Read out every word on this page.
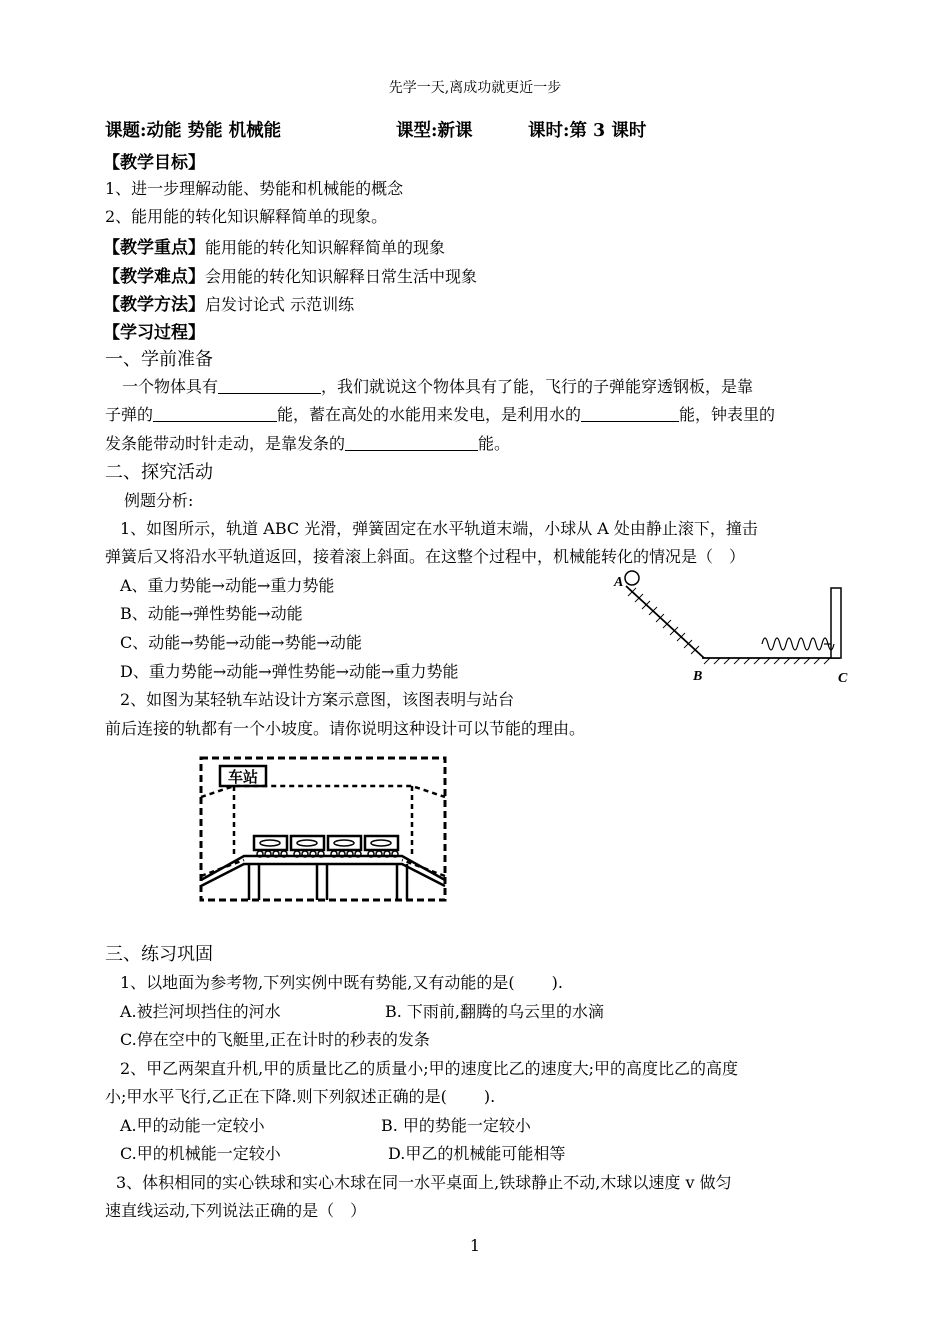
先学一天,离成功就更近一步
课题:动能 势能 机械能	课型:新课	课时:第 3 课时
【教学目标】
1、进一步理解动能、势能和机械能的概念
2、能用能的转化知识解释简单的现象。
【教学重点】能用能的转化知识解释简单的现象
【教学难点】会用能的转化知识解释日常生活中现象
【教学方法】启发讨论式 示范训练
【学习过程】
一、学前准备
一个物体具有	，我们就说这个物体具有了能，飞行的子弹能穿透钢板，是靠
子弹的	能，蓄在高处的水能用来发电，是利用水的	能，钟表里的
发条能带动时针走动，是靠发条的	能。
二、探究活动
例题分析:
1、如图所示，轨道 ABC 光滑，弹簧固定在水平轨道末端，小球从 A 处由静止滚下，撞击
弹簧后又将沿水平轨道返回，接着滚上斜面。在这整个过程中，机械能转化的情况是（　）
A、重力势能→动能→重力势能
B、动能→弹性势能→动能
C、动能→势能→动能→势能→动能
D、重力势能→动能→弹性势能→动能→重力势能
A
B	C
2、如图为某轻轨车站设计方案示意图，该图表明与站台
前后连接的轨都有一个小坡度。请你说明这种设计可以节能的理由。
车站
三、练习巩固
1、以地面为参考物,下列实例中既有势能,又有动能的是(　　 ).
A.被拦河坝挡住的河水	B. 下雨前,翻腾的乌云里的水滴
C.停在空中的飞艇里,正在计时的秒表的发条
2、甲乙两架直升机,甲的质量比乙的质量小;甲的速度比乙的速度大;甲的高度比乙的高度
小;甲水平飞行,乙正在下降.则下列叙述正确的是(　　 ).
A.甲的动能一定较小	B. 甲的势能一定较小
C.甲的机械能一定较小	D.甲乙的机械能可能相等
3、体积相同的实心铁球和实心木球在同一水平桌面上,铁球静止不动,木球以速度 v 做匀
速直线运动,下列说法正确的是（　）
1
